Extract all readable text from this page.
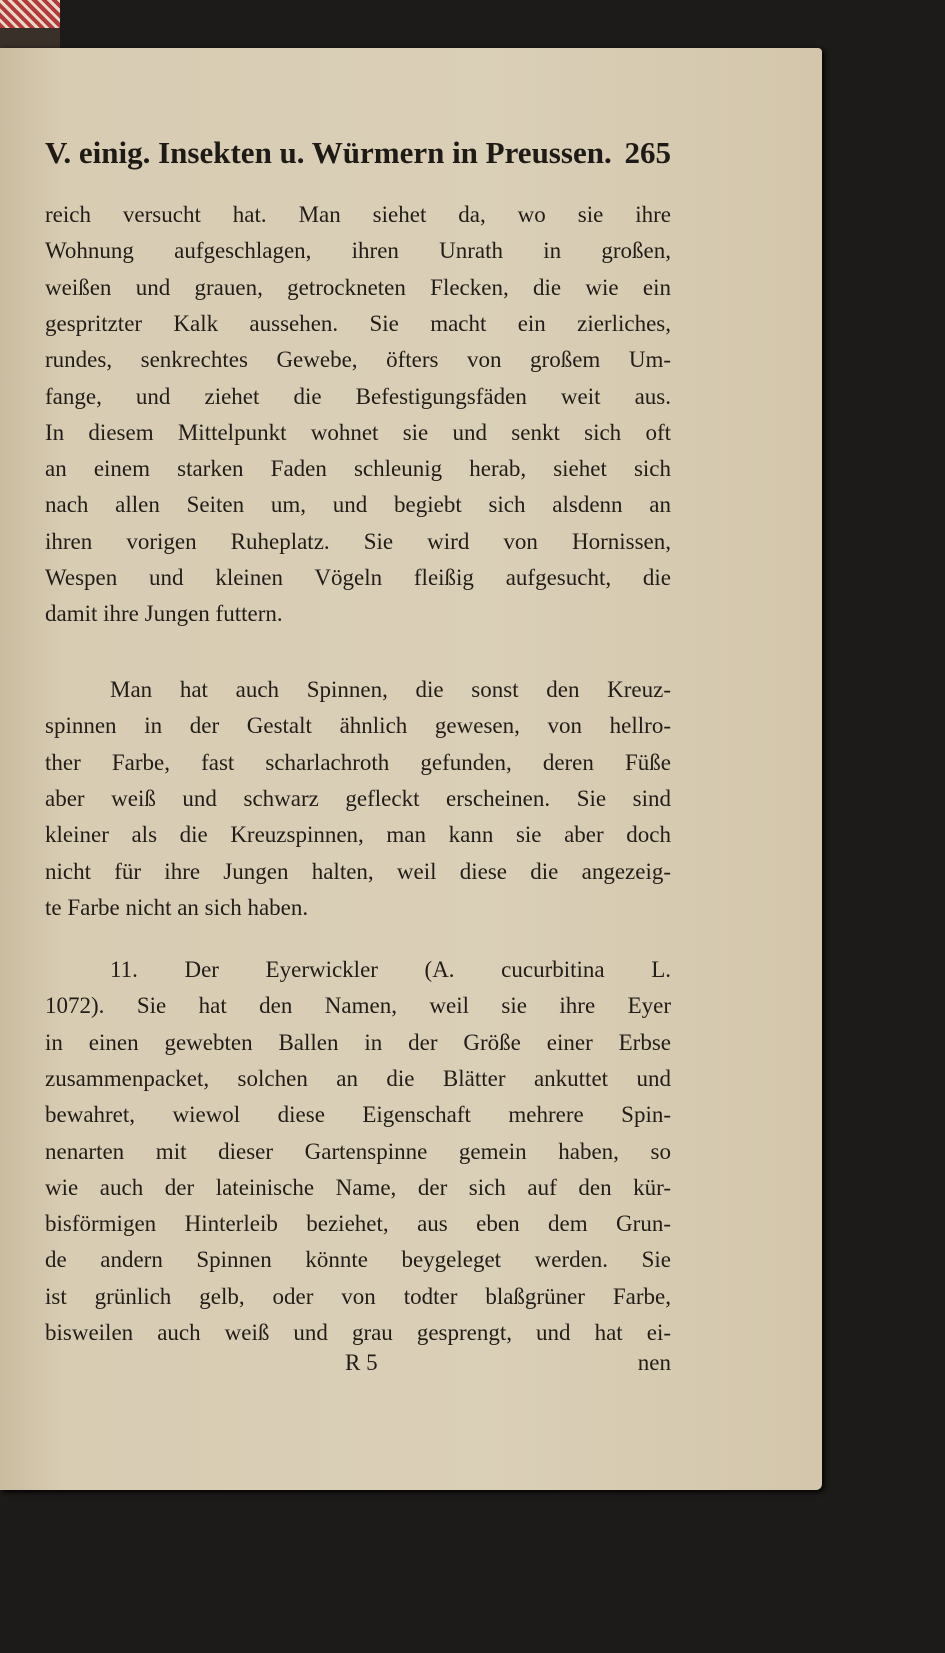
V. einig. Insekten u. Würmern in Preussen. 265
reich versucht hat. Man siehet da, wo sie ihre
Wohnung aufgeschlagen, ihren Unrath in großen,
weißen und grauen, getrockneten Flecken, die wie ein
gespritzter Kalk aussehen. Sie macht ein zierliches,
rundes, senkrechtes Gewebe, öfters von großem Um-
fange, und ziehet die Befestigungsfäden weit aus.
In diesem Mittelpunkt wohnet sie und senkt sich oft
an einem starken Faden schleunig herab, siehet sich
nach allen Seiten um, und begiebt sich alsdenn an
ihren vorigen Ruheplatz. Sie wird von Hornissen,
Wespen und kleinen Vögeln fleißig aufgesucht, die
damit ihre Jungen futtern.
Man hat auch Spinnen, die sonst den Kreuz-
spinnen in der Gestalt ähnlich gewesen, von hellro-
ther Farbe, fast scharlachroth gefunden, deren Füße
aber weiß und schwarz gefleckt erscheinen. Sie sind
kleiner als die Kreuzspinnen, man kann sie aber doch
nicht für ihre Jungen halten, weil diese die angezeig-
te Farbe nicht an sich haben.
11. Der Eyerwickler (A. cucurbitina L.
1072). Sie hat den Namen, weil sie ihre Eyer
in einen gewebten Ballen in der Größe einer Erbse
zusammenpacket, solchen an die Blätter ankuttet und
bewahret, wiewol diese Eigenschaft mehrere Spin-
nenarten mit dieser Gartenspinne gemein haben, so
wie auch der lateinische Name, der sich auf den kür-
bisförmigen Hinterleib beziehet, aus eben dem Grun-
de andern Spinnen könnte beygeleget werden. Sie
ist grünlich gelb, oder von todter blaßgrüner Farbe,
bisweilen auch weiß und grau gesprengt, und hat ei-
R 5	nen
